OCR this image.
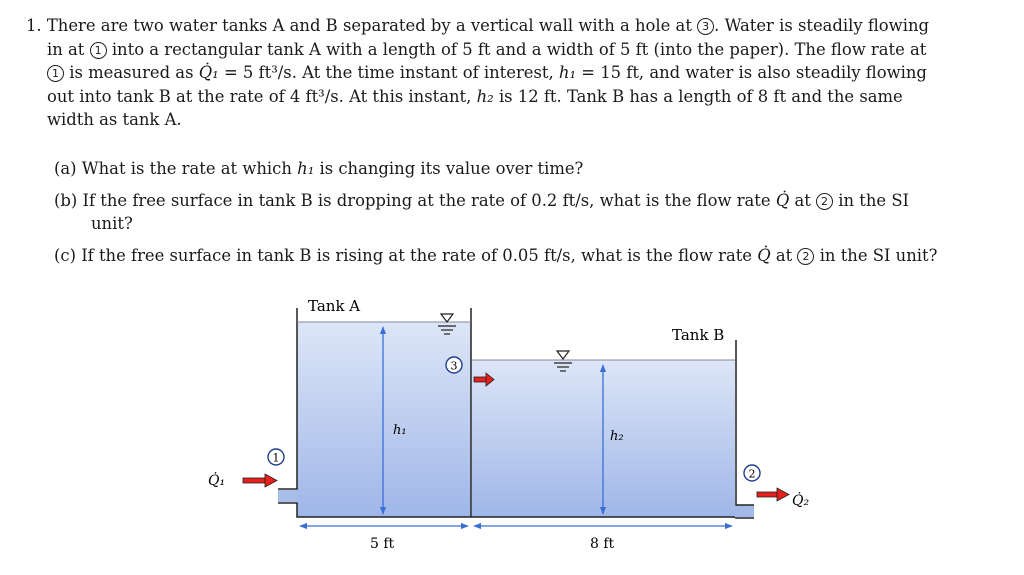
1. There are two water tanks A and B separated by a vertical wall with a hole at 3 . Water is steadily flowing
in at 1 into a rectangular tank A with a length of 5 ft and a width of 5 ft (into the paper). The flow rate at
1 is measured as Q̇₁ = 5 ft³/s. At the time instant of interest, h₁ = 15 ft, and water is also steadily flowing
out into tank B at the rate of 4 ft³/s. At this instant, h₂ is 12 ft. Tank B has a length of 8 ft and the same
width as tank A.
(a) What is the rate at which h₁ is changing its value over time?
(b) If the free surface in tank B is dropping at the rate of 0.2 ft/s, what is the flow rate Q̇ at 2 in the SI
unit?
(c) If the free surface in tank B is rising at the rate of 0.05 ft/s, what is the flow rate Q̇ at 2 in the SI unit?
Tank A
Tank B
h₁	h₂
5 ft	8 ft
Q̇₁
Q̇₂
1
3
2
